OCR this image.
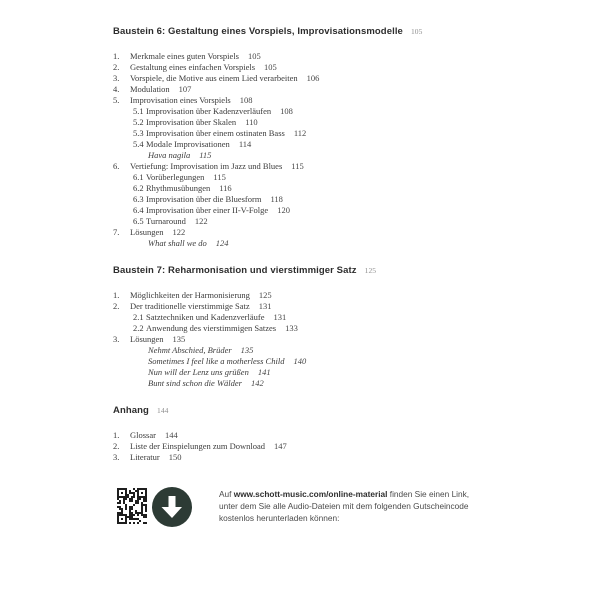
Baustein 6: Gestaltung eines Vorspiels, Improvisationsmodelle 105
1.	Merkmale eines guten Vorspiels 105
2.	Gestaltung eines einfachen Vorspiels 105
3.	Vorspiele, die Motive aus einem Lied verarbeiten 106
4.	Modulation 107
5.	Improvisation eines Vorspiels 108
5.1 Improvisation über Kadenzverläufen 108
5.2 Improvisation über Skalen 110
5.3 Improvisation über einem ostinaten Bass 112
5.4 Modale Improvisationen 114
Hava nagila 115
6.	Vertiefung: Improvisation im Jazz und Blues 115
6.1 Vorüberlegungen 115
6.2 Rhythmusübungen 116
6.3 Improvisation über die Bluesform 118
6.4 Improvisation über einer II-V-Folge 120
6.5 Turnaround 122
7.	Lösungen 122
What shall we do 124
Baustein 7: Reharmonisation und vierstimmiger Satz 125
1.	Möglichkeiten der Harmonisierung 125
2.	Der traditionelle vierstimmige Satz 131
2.1 Satztechniken und Kadenzverläufe 131
2.2 Anwendung des vierstimmigen Satzes 133
3.	Lösungen 135
Nehmt Abschied, Brüder 135
Sometimes I feel like a motherless Child 140
Nun will der Lenz uns grüßen 141
Bunt sind schon die Wälder 142
Anhang 144
1.	Glossar 144
2.	Liste der Einspielungen zum Download 147
3.	Literatur 150

Auf www.schott-music.com/online-material finden Sie einen Link,
unter dem Sie alle Audio-Dateien mit dem folgenden Gutscheincode
kostenlos herunterladen können:
